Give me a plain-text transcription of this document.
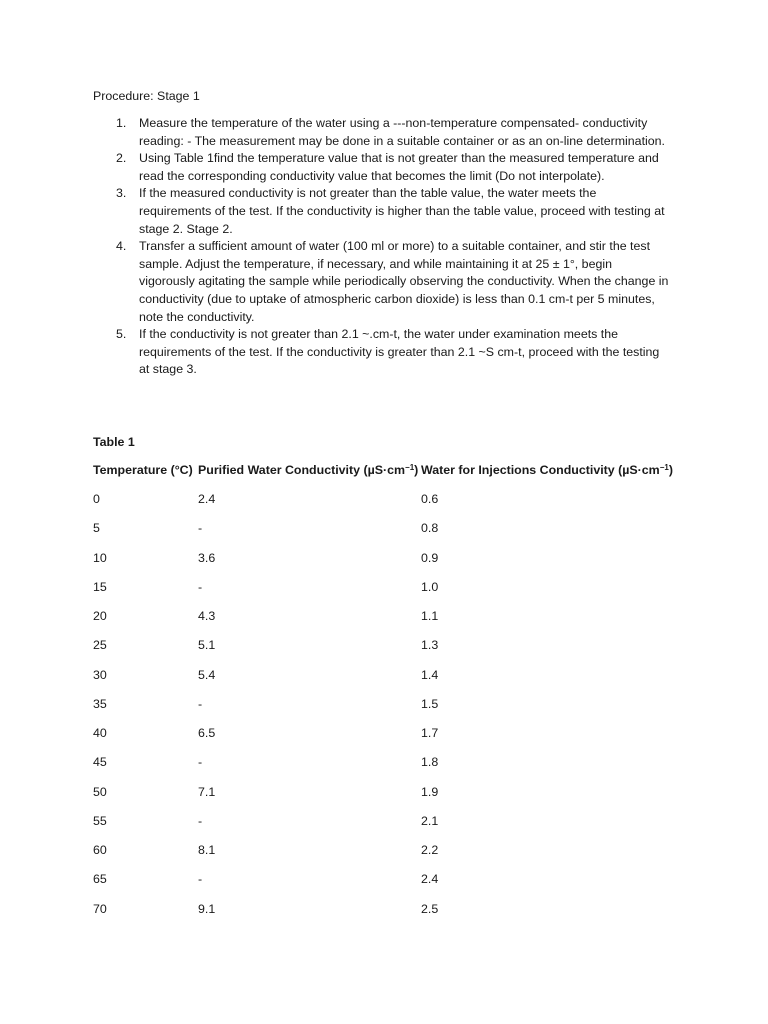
Procedure: Stage 1
1. Measure the temperature of the water using a ---non-temperature compensated- conductivity reading: - The measurement may be done in a suitable container or as an on-line determination.
2. Using Table 1find the temperature value that is not greater than the measured temperature and read the corresponding conductivity value that becomes the limit (Do not interpolate).
3. If the measured conductivity is not greater than the table value, the water meets the requirements of the test. If the conductivity is higher than the table value, proceed with testing at stage 2. Stage 2.
4. Transfer a sufficient amount of water (100 ml or more) to a suitable container, and stir the test sample. Adjust the temperature, if necessary, and while maintaining it at 25 ± 1°, begin vigorously agitating the sample while periodically observing the conductivity. When the change in conductivity (due to uptake of atmospheric carbon dioxide) is less than 0.1 cm-t per 5 minutes, note the conductivity.
5. If the conductivity is not greater than 2.1 ~.cm-t, the water under examination meets the requirements of the test. If the conductivity is greater than 2.1 ~S cm-t, proceed with the testing at stage 3.
Table 1
Temperature (°C) Purified Water Conductivity $(\mu S\cdot cm^{-1})$ Water for Injections Conductivity $(\mu S\cdot cm^{-1})$
0	2.4	0.6
5	-	0.8
10	3.6	0.9
15	-	1.0
20	4.3	1.1
25	5.1	1.3
30	5.4	1.4
35	-	1.5
40	6.5	1.7
45	-	1.8
50	7.1	1.9
55	-	2.1
60	8.1	2.2
65	-	2.4
70	9.1	2.5
